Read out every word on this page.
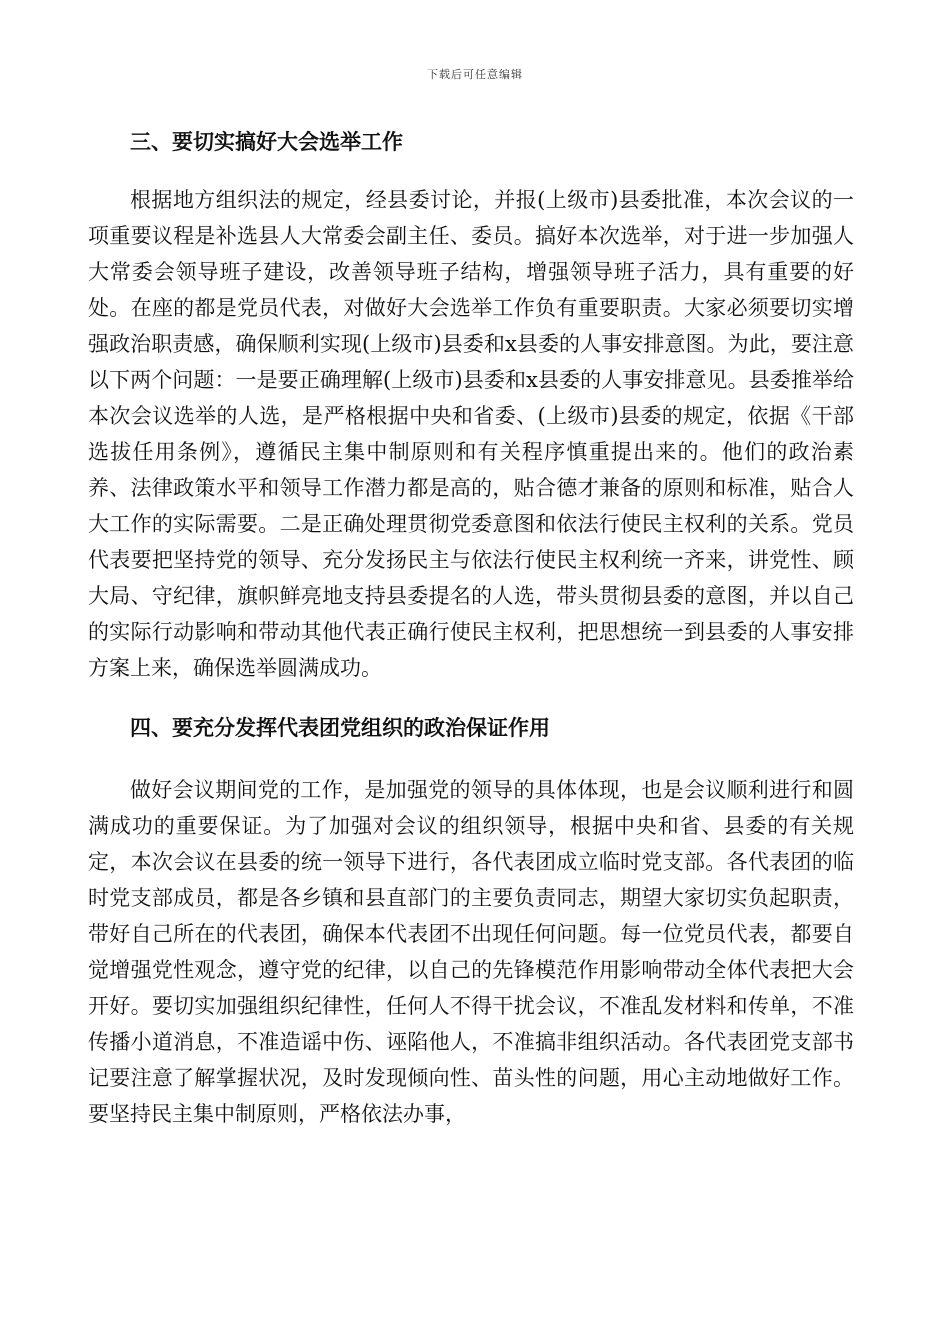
下载后可任意编辑
三、要切实搞好大会选举工作

根据地方组织法的规定，经县委讨论，并报(上级市)县委批准，本次会议的一项重要议程是补选县人大常委会副主任、委员。搞好本次选举，对于进一步加强人大常委会领导班子建设，改善领导班子结构，增强领导班子活力，具有重要的好处。在座的都是党员代表，对做好大会选举工作负有重要职责。大家必须要切实增强政治职责感，确保顺利实现(上级市)县委和x县委的人事安排意图。为此，要注意以下两个问题：一是要正确理解(上级市)县委和x县委的人事安排意见。县委推举给本次会议选举的人选，是严格根据中央和省委、(上级市)县委的规定，依据《干部选拔任用条例》，遵循民主集中制原则和有关程序慎重提出来的。他们的政治素养、法律政策水平和领导工作潜力都是高的，贴合德才兼备的原则和标准，贴合人大工作的实际需要。二是正确处理贯彻党委意图和依法行使民主权利的关系。党员代表要把坚持党的领导、充分发扬民主与依法行使民主权利统一齐来，讲党性、顾大局、守纪律，旗帜鲜亮地支持县委提名的人选，带头贯彻县委的意图，并以自己的实际行动影响和带动其他代表正确行使民主权利，把思想统一到县委的人事安排方案上来，确保选举圆满成功。

四、要充分发挥代表团党组织的政治保证作用

做好会议期间党的工作，是加强党的领导的具体体现，也是会议顺利进行和圆满成功的重要保证。为了加强对会议的组织领导，根据中央和省、县委的有关规定，本次会议在县委的统一领导下进行，各代表团成立临时党支部。各代表团的临时党支部成员，都是各乡镇和县直部门的主要负责同志，期望大家切实负起职责，带好自己所在的代表团，确保本代表团不出现任何问题。每一位党员代表，都要自觉增强党性观念，遵守党的纪律，以自己的先锋模范作用影响带动全体代表把大会开好。要切实加强组织纪律性，任何人不得干扰会议，不准乱发材料和传单，不准传播小道消息，不准造谣中伤、诬陷他人，不准搞非组织活动。各代表团党支部书记要注意了解掌握状况，及时发现倾向性、苗头性的问题，用心主动地做好工作。要坚持民主集中制原则，严格依法办事，
